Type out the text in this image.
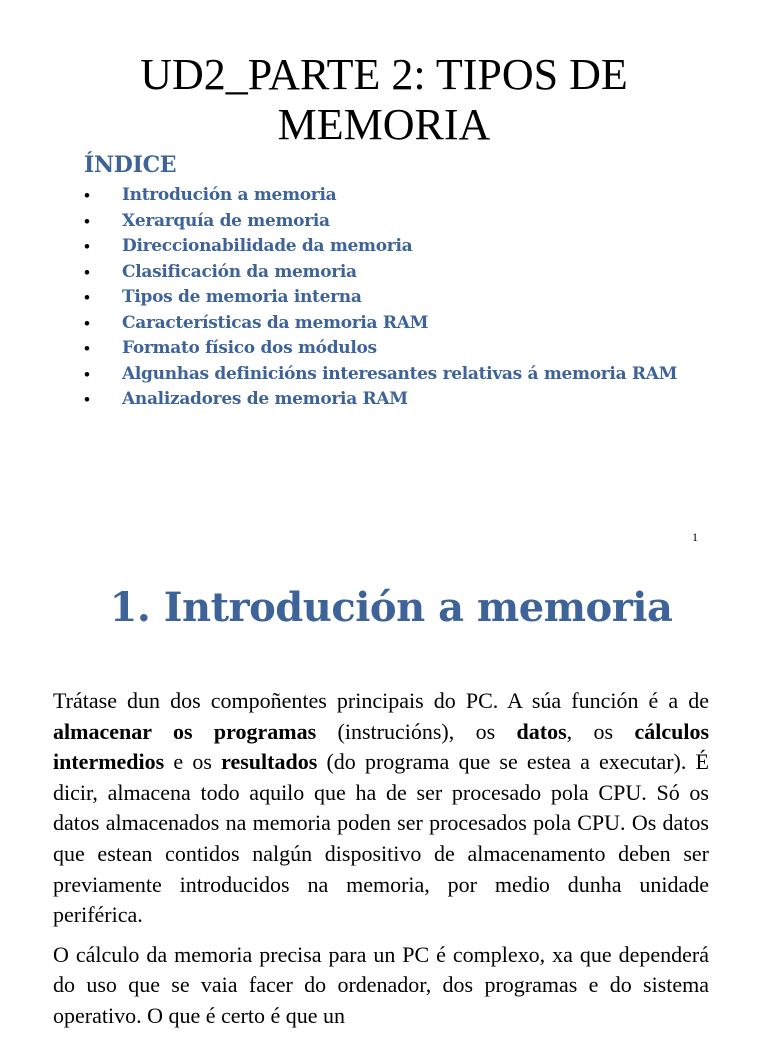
UD2_PARTE 2: TIPOS DE
MEMORIA
ÍNDICE
• Introdución a memoria
• Xerarquía de memoria
• Direccionabilidade da memoria
• Clasificación da memoria
• Tipos de memoria interna
• Características da memoria RAM
• Formato físico dos módulos
• Algunhas definicións interesantes relativas á memoria RAM
• Analizadores de memoria RAM
1
1. Introdución a memoria

Trátase dun dos compoñentes principais do PC. A súa función é a de almacenar os programas (instrucións), os datos, os cálculos intermedios e os resultados (do programa que se estea a executar). É dicir, almacena todo aquilo que ha de ser procesado pola CPU. Só os datos almacenados na memoria poden ser procesados pola CPU. Os datos que estean contidos nalgún dispositivo de almacenamento deben ser previamente introducidos na memoria, por medio dunha unidade periférica.

O cálculo da memoria precisa para un PC é complexo, xa que dependerá do uso que se vaia facer do ordenador, dos programas e do sistema operativo. O que é certo é que un
